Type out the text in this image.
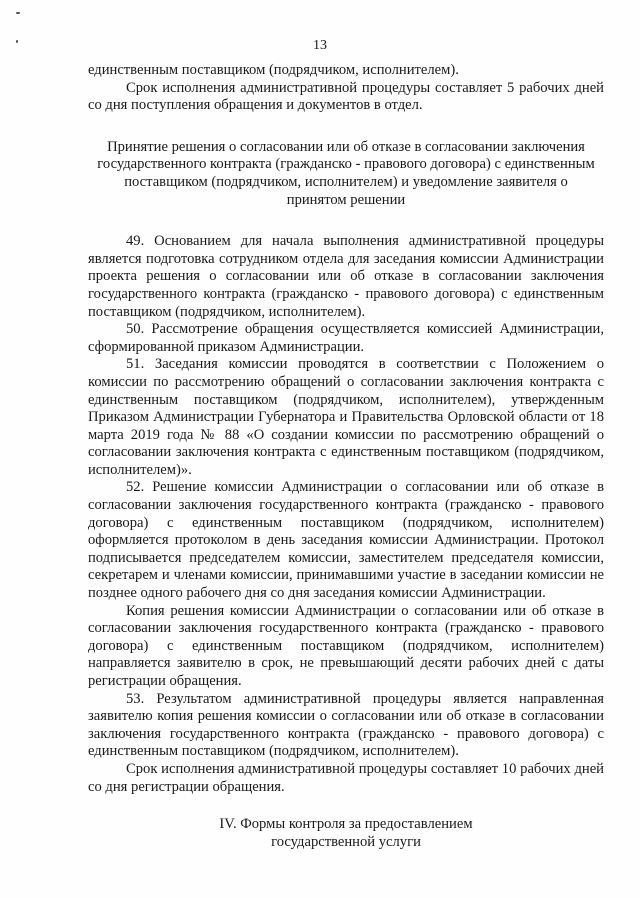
13

единственным поставщиком (подрядчиком, исполнителем).

Срок исполнения административной процедуры составляет 5 рабочих дней со дня поступления обращения и документов в отдел.

Принятие решения о согласовании или об отказе в согласовании заключения государственного контракта (гражданско - правового договора) с единственным поставщиком (подрядчиком, исполнителем) и уведомление заявителя о принятом решении

49. Основанием для начала выполнения административной процедуры является подготовка сотрудником отдела для заседания комиссии Администрации проекта решения о согласовании или об отказе в согласовании заключения государственного контракта (гражданско - правового договора) с единственным поставщиком (подрядчиком, исполнителем).

50. Рассмотрение обращения осуществляется комиссией Администрации, сформированной приказом Администрации.

51. Заседания комиссии проводятся в соответствии с Положением о комиссии по рассмотрению обращений о согласовании заключения контракта с единственным поставщиком (подрядчиком, исполнителем), утвержденным Приказом Администрации Губернатора и Правительства Орловской области от 18 марта 2019 года № 88 «О создании комиссии по рассмотрению обращений о согласовании заключения контракта с единственным поставщиком (подрядчиком, исполнителем)».

52. Решение комиссии Администрации о согласовании или об отказе в согласовании заключения государственного контракта (гражданско - правового договора) с единственным поставщиком (подрядчиком, исполнителем) оформляется протоколом в день заседания комиссии Администрации. Протокол подписывается председателем комиссии, заместителем председателя комиссии, секретарем и членами комиссии, принимавшими участие в заседании комиссии не позднее одного рабочего дня со дня заседания комиссии Администрации.

Копия решения комиссии Администрации о согласовании или об отказе в согласовании заключения государственного контракта (гражданско - правового договора) с единственным поставщиком (подрядчиком, исполнителем) направляется заявителю в срок, не превышающий десяти рабочих дней с даты регистрации обращения.

53. Результатом административной процедуры является направленная заявителю копия решения комиссии о согласовании или об отказе в согласовании заключения государственного контракта (гражданско - правового договора) с единственным поставщиком (подрядчиком, исполнителем).

Срок исполнения административной процедуры составляет 10 рабочих дней со дня регистрации обращения.

IV. Формы контроля за предоставлением государственной услуги
